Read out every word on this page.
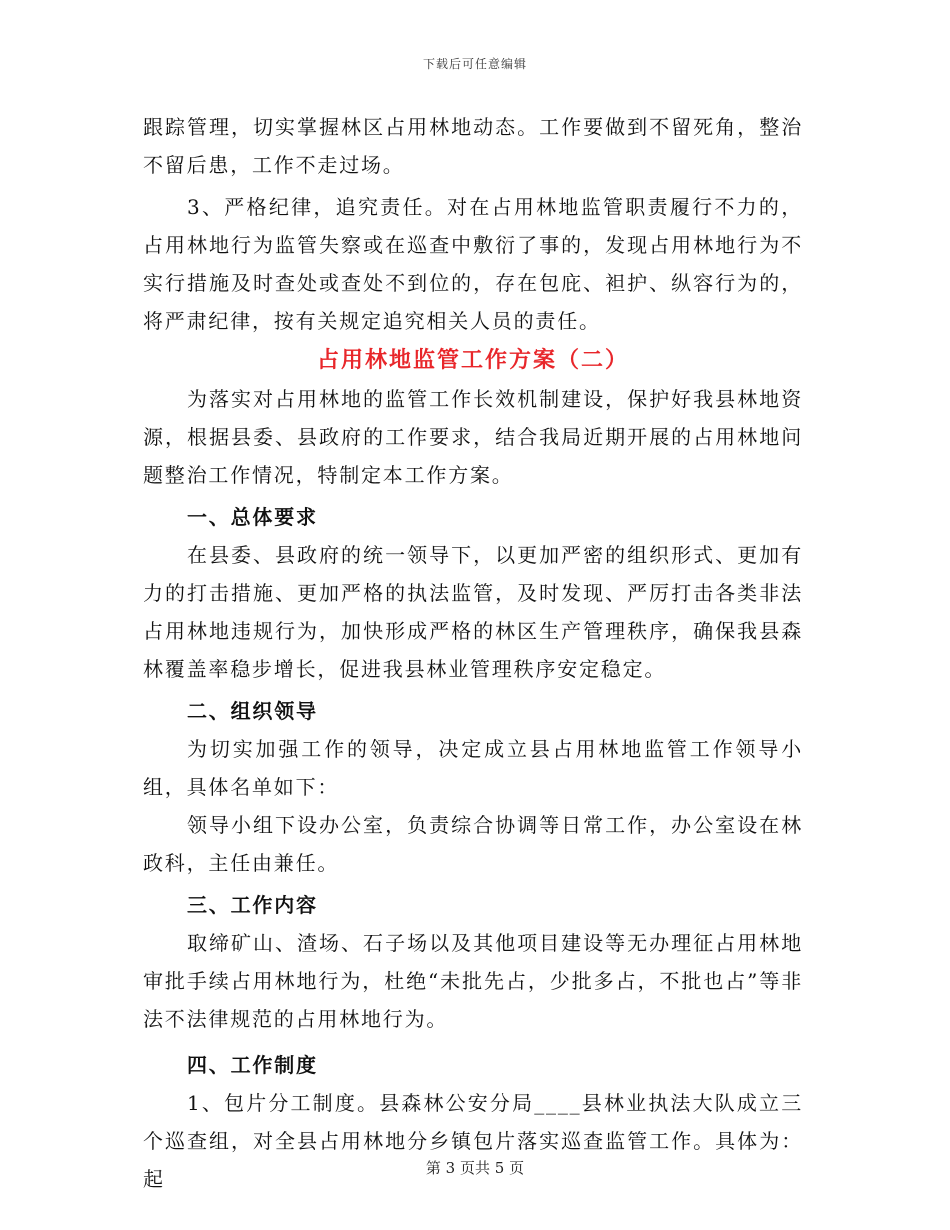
下载后可任意编辑

跟踪管理，切实掌握林区占用林地动态。工作要做到不留死角，整治不留后患，工作不走过场。

3、严格纪律，追究责任。对在占用林地监管职责履行不力的，占用林地行为监管失察或在巡查中敷衍了事的，发现占用林地行为不实行措施及时查处或查处不到位的，存在包庇、袒护、纵容行为的，将严肃纪律，按有关规定追究相关人员的责任。

占用林地监管工作方案（二）

为落实对占用林地的监管工作长效机制建设，保护好我县林地资源，根据县委、县政府的工作要求，结合我局近期开展的占用林地问题整治工作情况，特制定本工作方案。

一、总体要求

在县委、县政府的统一领导下，以更加严密的组织形式、更加有力的打击措施、更加严格的执法监管，及时发现、严厉打击各类非法占用林地违规行为，加快形成严格的林区生产管理秩序，确保我县森林覆盖率稳步增长，促进我县林业管理秩序安定稳定。

二、组织领导

为切实加强工作的领导，决定成立县占用林地监管工作领导小组，具体名单如下：

领导小组下设办公室，负责综合协调等日常工作，办公室设在林政科，主任由兼任。

三、工作内容

取缔矿山、渣场、石子场以及其他项目建设等无办理征占用林地审批手续占用林地行为，杜绝“未批先占，少批多占，不批也占”等非法不法律规范的占用林地行为。

四、工作制度

1、包片分工制度。县森林公安分局____县林业执法大队成立三个巡查组，对全县占用林地分乡镇包片落实巡查监管工作。具体为：起	第 3 页共 5 页
